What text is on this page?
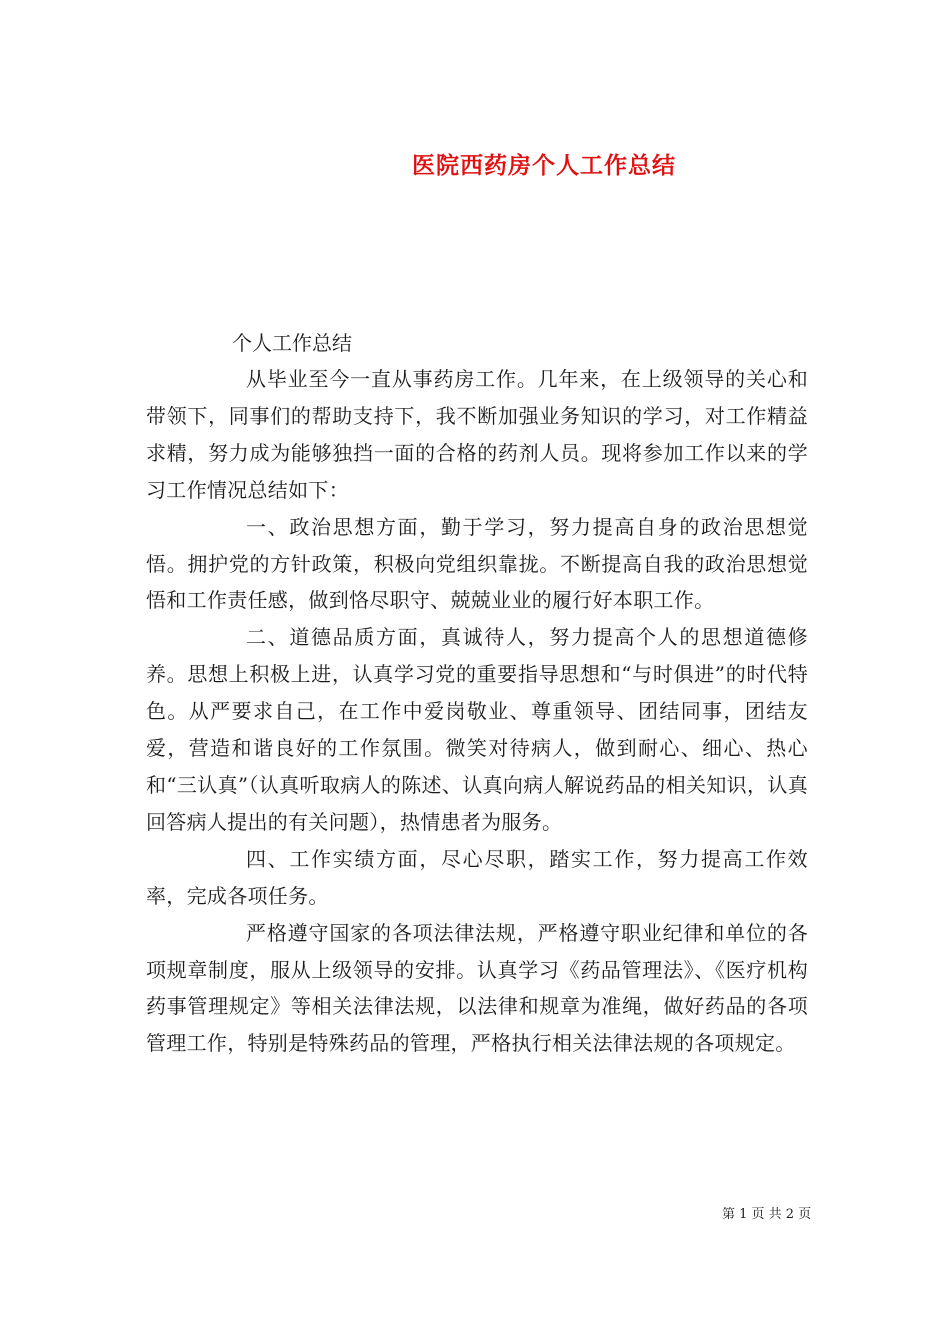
医院西药房个人工作总结
个人工作总结

从毕业至今一直从事药房工作。几年来，在上级领导的关心和带领下，同事们的帮助支持下，我不断加强业务知识的学习，对工作精益求精，努力成为能够独挡一面的合格的药剂人员。现将参加工作以来的学习工作情况总结如下：

一、政治思想方面，勤于学习，努力提高自身的政治思想觉悟。拥护党的方针政策，积极向党组织靠拢。不断提高自我的政治思想觉悟和工作责任感，做到恪尽职守、兢兢业业的履行好本职工作。

二、道德品质方面，真诚待人，努力提高个人的思想道德修养。思想上积极上进，认真学习党的重要指导思想和“与时俱进”的时代特色。从严要求自己，在工作中爱岗敬业、尊重领导、团结同事，团结友爱，营造和谐良好的工作氛围。微笑对待病人，做到耐心、细心、热心和“三认真”（认真听取病人的陈述、认真向病人解说药品的相关知识，认真回答病人提出的有关问题），热情患者为服务。

四、工作实绩方面，尽心尽职，踏实工作，努力提高工作效率，完成各项任务。

严格遵守国家的各项法律法规，严格遵守职业纪律和单位的各项规章制度，服从上级领导的安排。认真学习《药品管理法》、《医疗机构药事管理规定》等相关法律法规，以法律和规章为准绳，做好药品的各项管理工作，特别是特殊药品的管理，严格执行相关法律法规的各项规定。

第 1 页 共 2 页
